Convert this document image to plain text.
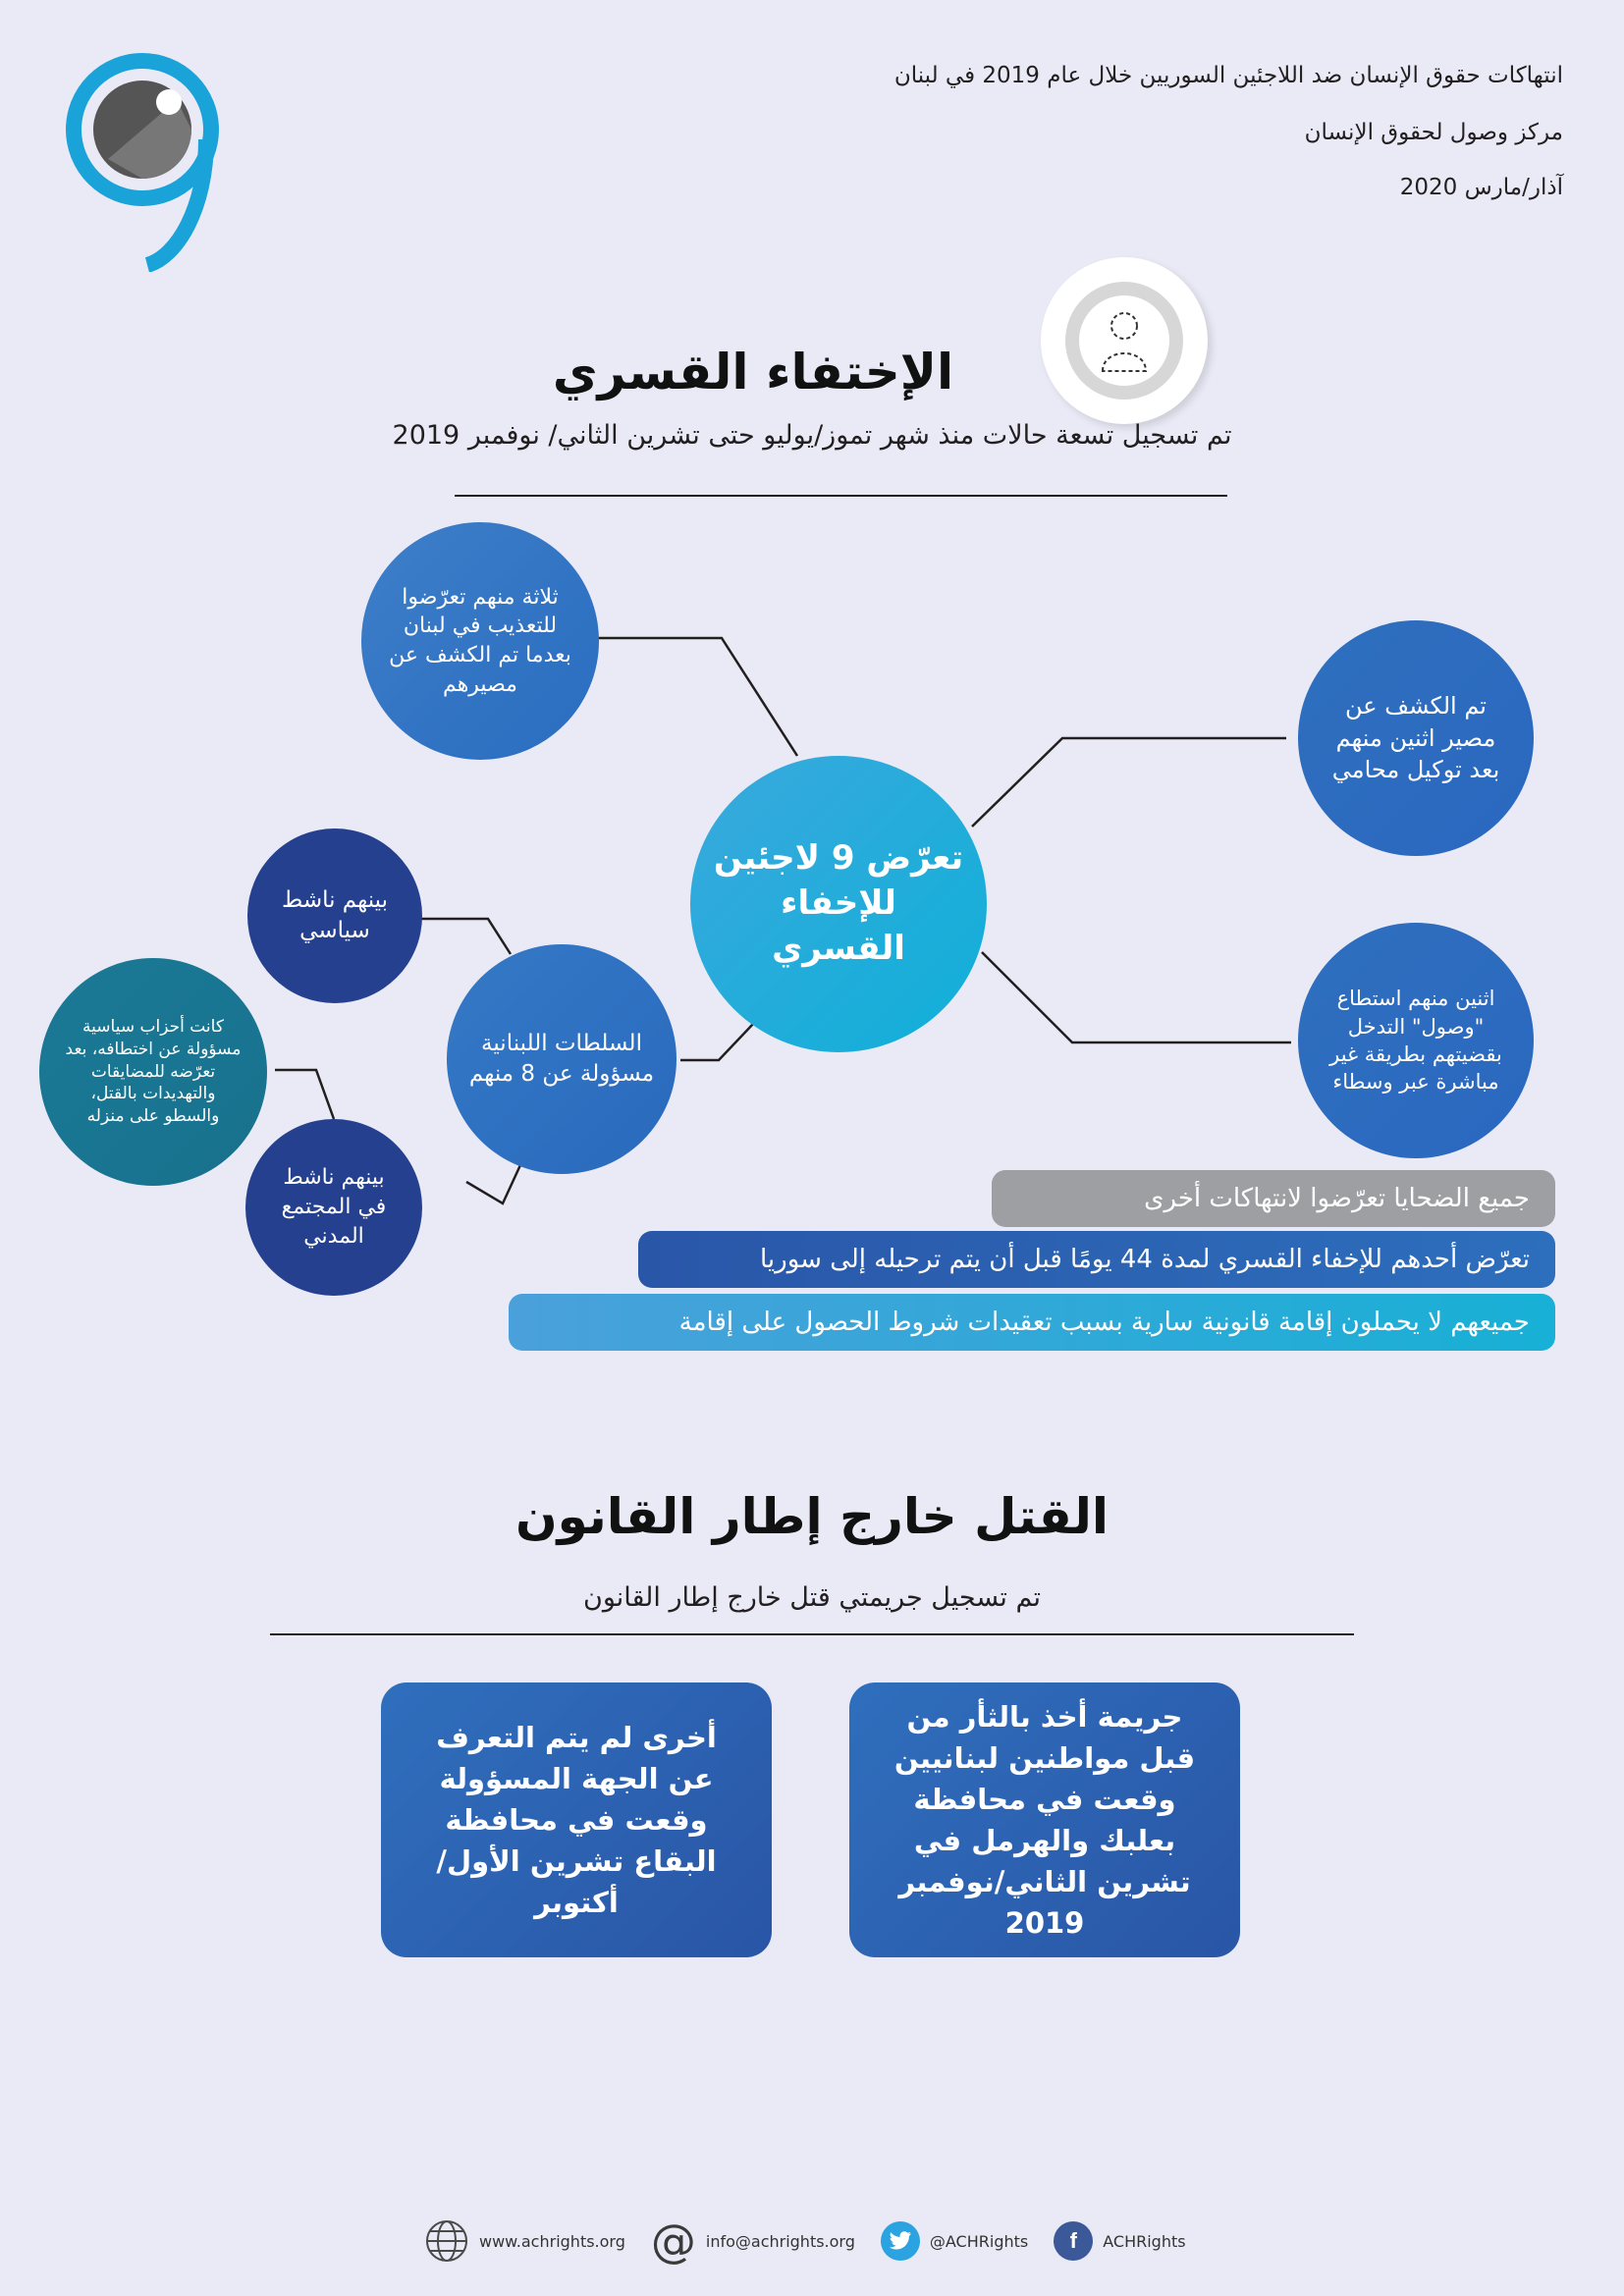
انتهاكات حقوق الإنسان ضد اللاجئين السوريين خلال عام 2019 في لبنان
مركز وصول لحقوق الإنسان
آذار/مارس 2020
الإختفاء القسري
تم تسجيل تسعة حالات منذ شهر تموز/يوليو حتى تشرين الثاني/ نوفمبر 2019
تعرّض 9 لاجئين للإخفاء القسري
ثلاثة منهم تعرّضوا للتعذيب في لبنان بعدما تم الكشف عن مصيرهم
تم الكشف عن مصير اثنين منهم بعد توكيل محامي
اثنين منهم استطاع "وصول" التدخل بقضيتهم بطريقة غير مباشرة عبر وسطاء
السلطات اللبنانية مسؤولة عن 8 منهم
بينهم ناشط سياسي
بينهم ناشط في المجتمع المدني
كانت أحزاب سياسية مسؤولة عن اختطافه، بعد تعرّضه للمضايقات والتهديدات بالقتل، والسطو على منزله
جميع الضحايا تعرّضوا لانتهاكات أخرى
تعرّض أحدهم للإخفاء القسري لمدة 44 يومًا قبل أن يتم ترحيله إلى سوريا
جميعهم لا يحملون إقامة قانونية سارية بسبب تعقيدات شروط الحصول على إقامة
القتل خارج إطار القانون
تم تسجيل جريمتي قتل خارج إطار القانون
جريمة أخذ بالثأر من قبل مواطنين لبنانيين وقعت في محافظة بعلبك والهرمل في تشرين الثاني/نوفمبر 2019
أخرى لم يتم التعرف عن الجهة المسؤولة وقعت في محافظة البقاع تشرين الأول/أكتوبر
www.achrights.org @ info@achrights.org	@ACHRights	f	ACHRights
